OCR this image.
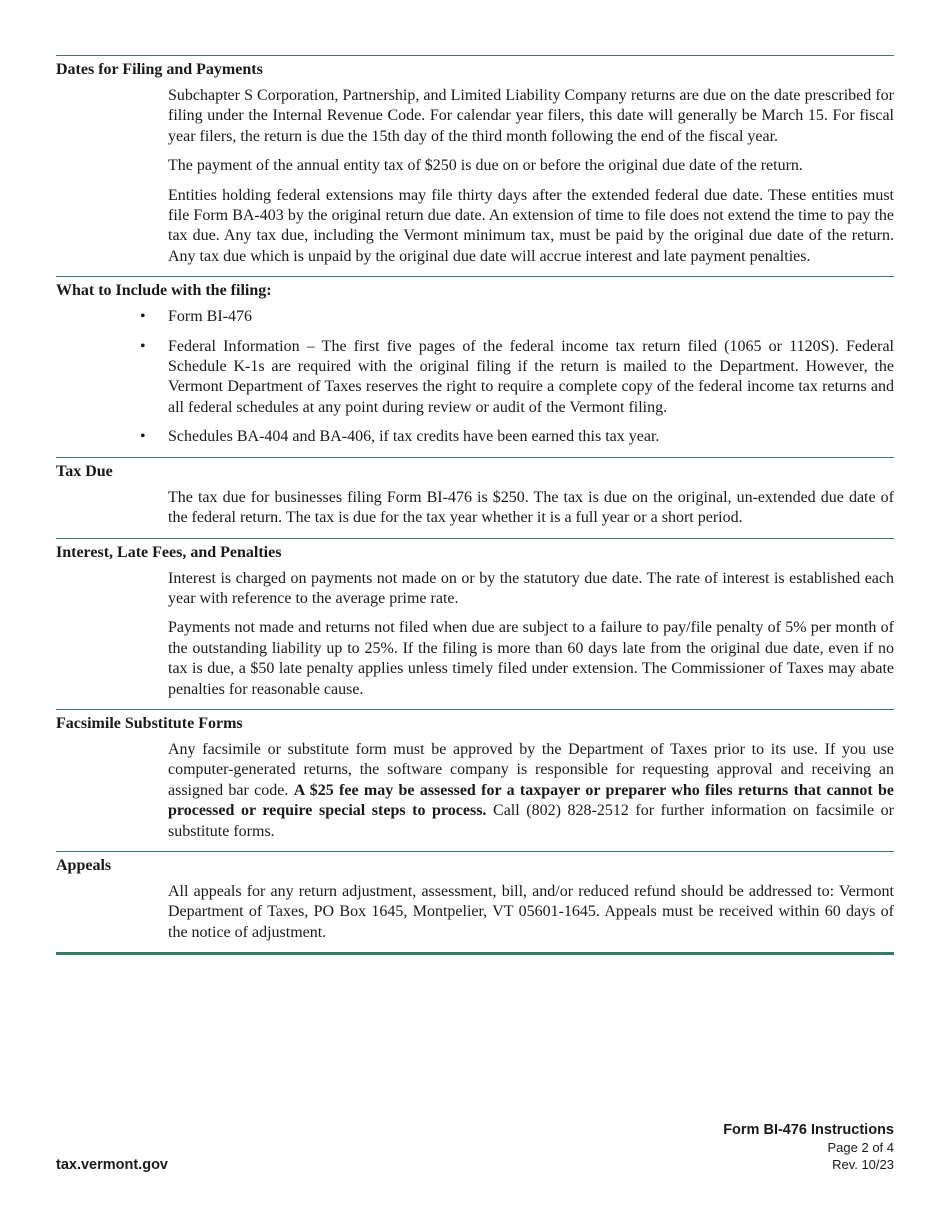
Dates for Filing and Payments

Subchapter S Corporation, Partnership, and Limited Liability Company returns are due on the date prescribed for filing under the Internal Revenue Code. For calendar year filers, this date will generally be March 15. For fiscal year filers, the return is due the 15th day of the third month following the end of the fiscal year.

The payment of the annual entity tax of $250 is due on or before the original due date of the return.

Entities holding federal extensions may file thirty days after the extended federal due date. These entities must file Form BA-403 by the original return due date. An extension of time to file does not extend the time to pay the tax due. Any tax due, including the Vermont minimum tax, must be paid by the original due date of the return. Any tax due which is unpaid by the original due date will accrue interest and late payment penalties.

What to Include with the filing:
• Form BI-476
• Federal Information – The first five pages of the federal income tax return filed (1065 or 1120S). Federal Schedule K-1s are required with the original filing if the return is mailed to the Department. However, the Vermont Department of Taxes reserves the right to require a complete copy of the federal income tax returns and all federal schedules at any point during review or audit of the Vermont filing.
• Schedules BA-404 and BA-406, if tax credits have been earned this tax year.
Tax Due

The tax due for businesses filing Form BI-476 is $250. The tax is due on the original, un-extended due date of the federal return. The tax is due for the tax year whether it is a full year or a short period.

Interest, Late Fees, and Penalties

Interest is charged on payments not made on or by the statutory due date. The rate of interest is established each year with reference to the average prime rate.

Payments not made and returns not filed when due are subject to a failure to pay/file penalty of 5% per month of the outstanding liability up to 25%. If the filing is more than 60 days late from the original due date, even if no tax is due, a $50 late penalty applies unless timely filed under extension. The Commissioner of Taxes may abate penalties for reasonable cause.

Facsimile Substitute Forms

Any facsimile or substitute form must be approved by the Department of Taxes prior to its use. If you use computer-generated returns, the software company is responsible for requesting approval and receiving an assigned bar code. A $25 fee may be assessed for a taxpayer or preparer who files returns that cannot be processed or require special steps to process. Call (802) 828-2512 for further information on facsimile or substitute forms.

Appeals

All appeals for any return adjustment, assessment, bill, and/or reduced refund should be addressed to: Vermont Department of Taxes, PO Box 1645, Montpelier, VT 05601-1645. Appeals must be received within 60 days of the notice of adjustment.

tax.vermont.gov
Form BI-476 Instructions
Page 2 of 4
Rev. 10/23
